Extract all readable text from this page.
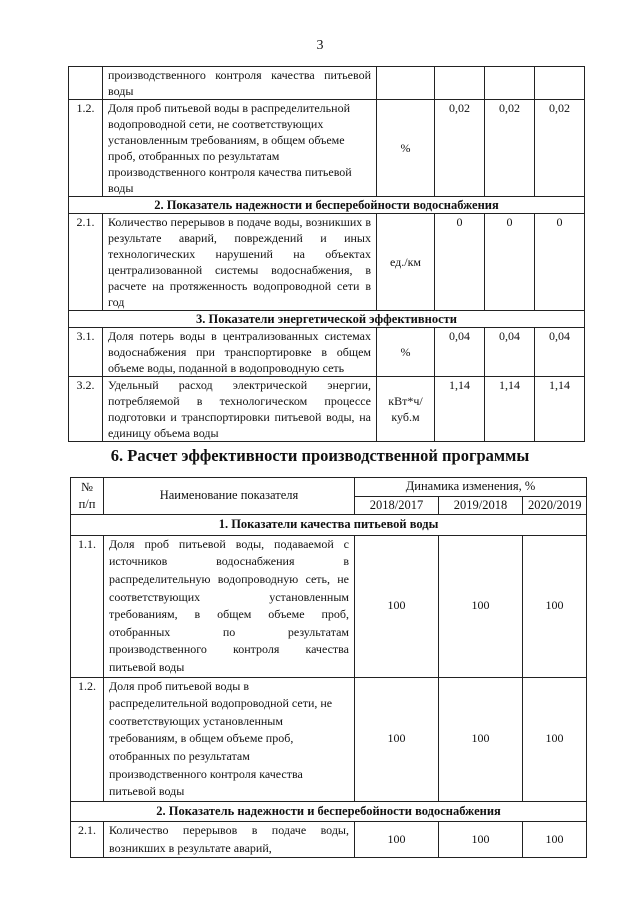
3
	производственного контроля качества питьевой воды				
1.2.	Доля проб питьевой воды в распределительной водопроводной сети, не соответствующих установленным требованиям, в общем объеме проб, отобранных по результатам производственного контроля качества питьевой воды	%	0,02	0,02	0,02
2. Показатель надежности и бесперебойности водоснабжения					
2.1.	Количество перерывов в подаче воды, возникших в результате аварий, повреждений и иных технологических нарушений на объектах централизованной системы водоснабжения, в расчете на протяженность водопроводной сети в год	ед./км	0	0	0
3. Показатели энергетической эффективности					
3.1.	Доля потерь воды в централизованных системах водоснабжения при транспортировке в общем объеме воды, поданной в водопроводную сеть	%	0,04	0,04	0,04
3.2.	Удельный расход электрической энергии, потребляемой в технологическом процессе подготовки и транспортировки питьевой воды, на единицу объема воды	кВт*ч/куб.м	1,14	1,14	1,14
6. Расчет эффективности производственной программы
№ п/п	Наименование показателя	Динамика изменения, %		
		2018/2017	2019/2018	2020/2019
1. Показатели качества питьевой воды				
1.1.	Доля проб питьевой воды, подаваемой с источников водоснабжения в распределительную водопроводную сеть, не соответствующих установленным требованиям, в общем объеме проб, отобранных по результатам производственного контроля качества питьевой воды	100	100	100
1.2.	Доля проб питьевой воды в распределительной водопроводной сети, не соответствующих установленным требованиям, в общем объеме проб, отобранных по результатам производственного контроля качества питьевой воды	100	100	100
2. Показатель надежности и бесперебойности водоснабжения				
2.1.	Количество перерывов в подаче воды, возникших в результате аварий,	100	100	100
